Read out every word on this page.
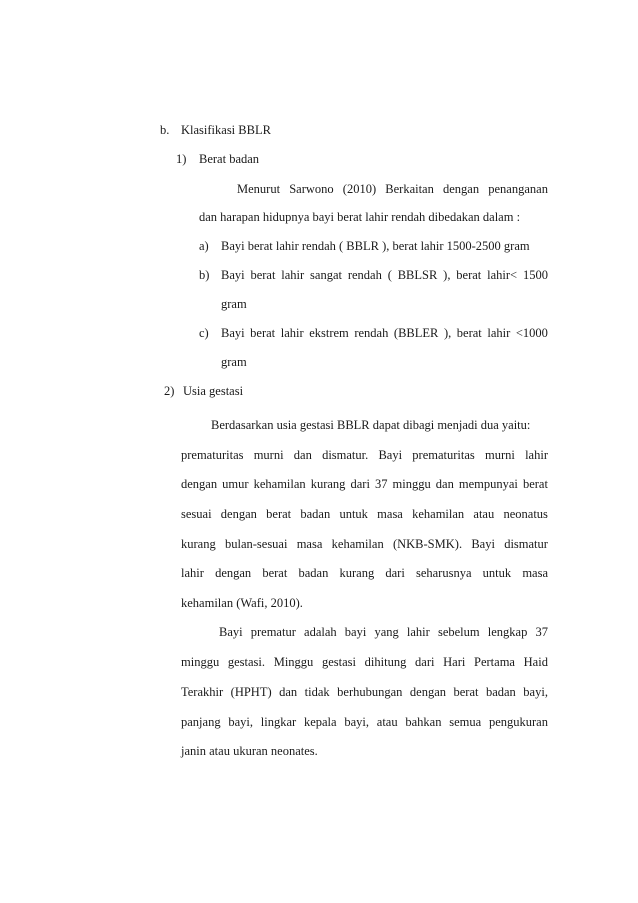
b. Klasifikasi BBLR
1) Berat badan
Menurut Sarwono (2010) Berkaitan dengan penanganan
dan harapan hidupnya bayi berat lahir rendah dibedakan dalam :
a) Bayi berat lahir rendah ( BBLR ), berat lahir 1500-2500 gram
b) Bayi berat lahir sangat rendah ( BBLSR ), berat lahir< 1500
gram
c) Bayi berat lahir ekstrem rendah (BBLER ), berat lahir <1000
gram
2) Usia gestasi
Berdasarkan usia gestasi BBLR dapat dibagi menjadi dua yaitu:
prematuritas murni dan dismatur. Bayi prematuritas murni lahir
dengan umur kehamilan kurang dari 37 minggu dan mempunyai berat
sesuai dengan berat badan untuk masa kehamilan atau neonatus
kurang bulan-sesuai masa kehamilan (NKB-SMK). Bayi dismatur
lahir dengan berat badan kurang dari seharusnya untuk masa
kehamilan (Wafi, 2010).
Bayi prematur adalah bayi yang lahir sebelum lengkap 37
minggu gestasi. Minggu gestasi dihitung dari Hari Pertama Haid
Terakhir (HPHT) dan tidak berhubungan dengan berat badan bayi,
panjang bayi, lingkar kepala bayi, atau bahkan semua pengukuran
janin atau ukuran neonates.
